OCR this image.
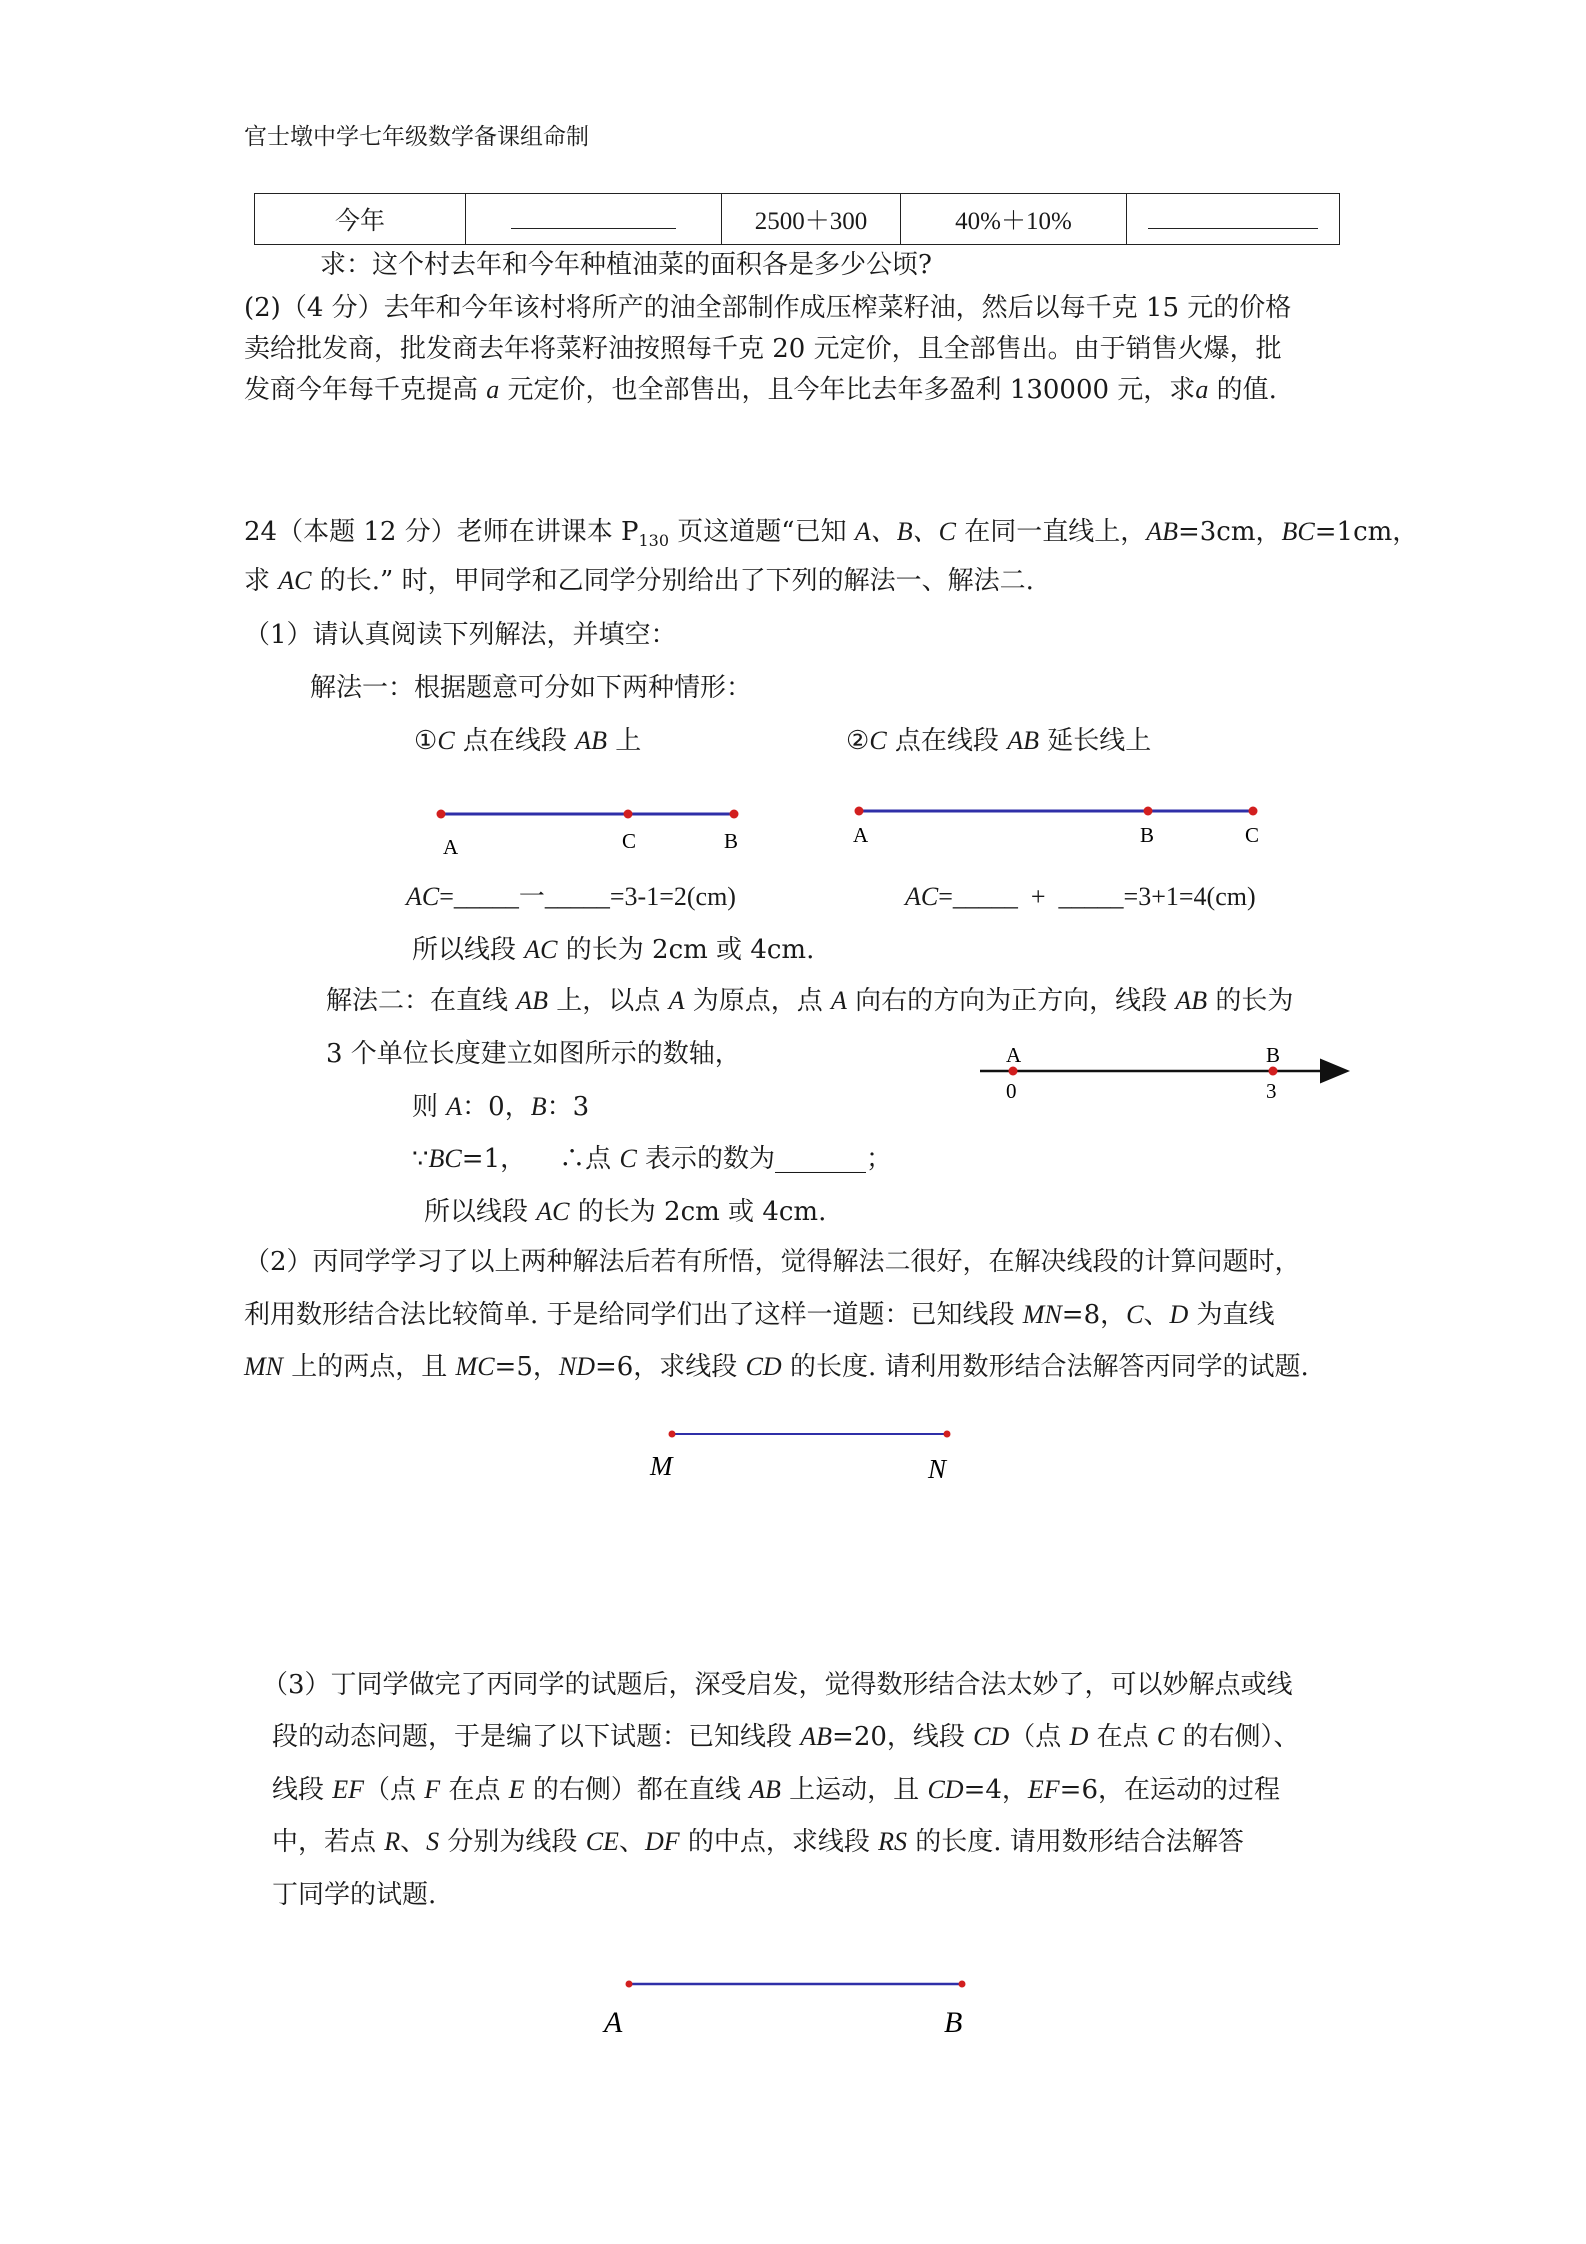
官士墩中学七年级数学备课组命制
今年		2500＋300	40%＋10%	
求：这个村去年和今年种植油菜的面积各是多少公顷?
(2)（4 分）去年和今年该村将所产的油全部制作成压榨菜籽油，然后以每千克 15 元的价格
卖给批发商，批发商去年将菜籽油按照每千克 20 元定价，且全部售出。由于销售火爆，批
发商今年每千克提高 a 元定价，也全部售出，且今年比去年多盈利 130000 元，求a 的值.
24（本题 12 分）老师在讲课本 $P_{130}$ 页这道题“已知 A、B、C 在同一直线上，AB=3cm，BC=1cm，
求 AC 的长.” 时，甲同学和乙同学分别给出了下列的解法一、解法二.
（1）请认真阅读下列解法，并填空：
解法一：根据题意可分如下两种情形：
①C 点在线段 AB 上	②C 点在线段 AB 延长线上
AC=_____一_____=3-1=2(cm)	AC=_____  +  _____=3+1=4(cm)
所以线段 AC 的长为 2cm 或 4cm.
解法二：在直线 AB 上，以点 A 为原点，点 A 向右的方向为正方向，线段 AB 的长为
3 个单位长度建立如图所示的数轴，
则 A：0，B：3
∵BC=1，    ∴点 C 表示的数为_______；
所以线段 AC 的长为 2cm 或 4cm.
（2）丙同学学习了以上两种解法后若有所悟，觉得解法二很好，在解决线段的计算问题时，
利用数形结合法比较简单. 于是给同学们出了这样一道题：已知线段 MN=8，C、D 为直线
MN 上的两点，且 MC=5，ND=6，求线段 CD 的长度. 请利用数形结合法解答丙同学的试题.
（3）丁同学做完了丙同学的试题后，深受启发，觉得数形结合法太妙了，可以妙解点或线
段的动态问题，于是编了以下试题：已知线段 AB=20，线段 CD（点 D 在点 C 的右侧）、
线段 EF（点 F 在点 E 的右侧）都在直线 AB 上运动，且 CD=4，EF=6，在运动的过程
中，若点 R、S 分别为线段 CE、DF 的中点，求线段 RS 的长度. 请用数形结合法解答
丁同学的试题.
A	C	B	A	B	C
A	B
0	3
M	N
A	B
